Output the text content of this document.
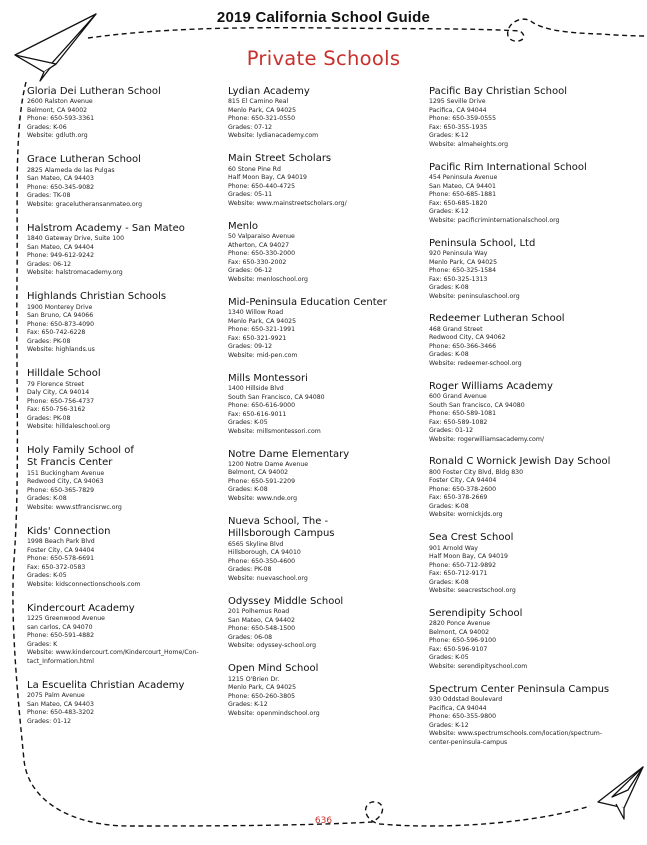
2019 California School Guide
Private Schools
Gloria Dei Lutheran School
2600 Ralston Avenue
Belmont, CA 94002
Phone: 650-593-3361
Grades: K-06
Website: gdluth.org
Grace Lutheran School
2825 Alameda de las Pulgas
San Mateo, CA 94403
Phone: 650-345-9082
Grades: TK-08
Website: gracelutheransanmateo.org
Halstrom Academy - San Mateo
1840 Gateway Drive, Suite 100
San Mateo, CA 94404
Phone: 949-612-9242
Grades: 06-12
Website: halstromacademy.org
Highlands Christian Schools
1900 Monterey Drive
San Bruno, CA 94066
Phone: 650-873-4090
Fax: 650-742-6228
Grades: PK-08
Website: highlands.us
Hilldale School
79 Florence Street
Daly City, CA 94014
Phone: 650-756-4737
Fax: 650-756-3162
Grades: PK-08
Website: hilldaleschool.org
Holy Family School of
St Francis Center
151 Buckingham Avenue
Redwood City, CA 94063
Phone: 650-365-7829
Grades: K-08
Website: www.stfrancisrwc.org
Kids' Connection
1998 Beach Park Blvd
Foster City, CA 94404
Phone: 650-578-6691
Fax: 650-372-0583
Grades: K-05
Website: kidsconnectionschools.com
Kindercourt Academy
1225 Greenwood Avenue
san carlos, CA 94070
Phone: 650-591-4882
Grades: K
Website: www.kindercourt.com/Kindercourt_Home/Con-
tact_Information.html
La Escuelita Christian Academy
2075 Palm Avenue
San Mateo, CA 94403
Phone: 650-483-3202
Grades: 01-12
Lydian Academy
815 El Camino Real
Menlo Park, CA 94025
Phone: 650-321-0550
Grades: 07-12
Website: lydianacademy.com
Main Street Scholars
60 Stone Pine Rd
Half Moon Bay, CA 94019
Phone: 650-440-4725
Grades: 05-11
Website: www.mainstreetscholars.org/
Menlo
50 Valparaiso Avenue
Atherton, CA 94027
Phone: 650-330-2000
Fax: 650-330-2002
Grades: 06-12
Website: menloschool.org
Mid-Peninsula Education Center
1340 Willow Road
Menlo Park, CA 94025
Phone: 650-321-1991
Fax: 650-321-9921
Grades: 09-12
Website: mid-pen.com
Mills Montessori
1400 Hillside Blvd
South San Francisco, CA 94080
Phone: 650-616-9000
Fax: 650-616-9011
Grades: K-05
Website: millsmontessori.com
Notre Dame Elementary
1200 Notre Dame Avenue
Belmont, CA 94002
Phone: 650-591-2209
Grades: K-08
Website: www.nde.org
Nueva School, The -
Hillsborough Campus
6565 Skyline Blvd
Hillsborough, CA 94010
Phone: 650-350-4600
Grades: PK-08
Website: nuevaschool.org
Odyssey Middle School
201 Polhemus Road
San Mateo, CA 94402
Phone: 650-548-1500
Grades: 06-08
Website: odyssey-school.org
Open Mind School
1215 O'Brien Dr.
Menlo Park, CA 94025
Phone: 650-260-3805
Grades: K-12
Website: openmindschool.org
Pacific Bay Christian School
1295 Seville Drive
Pacifica, CA 94044
Phone: 650-359-0555
Fax: 650-355-1935
Grades: K-12
Website: almaheights.org
Pacific Rim International School
454 Peninsula Avenue
San Mateo, CA 94401
Phone: 650-685-1881
Fax: 650-685-1820
Grades: K-12
Website: pacificriminternationalschool.org
Peninsula School, Ltd
920 Peninsula Way
Menlo Park, CA 94025
Phone: 650-325-1584
Fax: 650-325-1313
Grades: K-08
Website: peninsulaschool.org
Redeemer Lutheran School
468 Grand Street
Redwood City, CA 94062
Phone: 650-366-3466
Grades: K-08
Website: redeemer-school.org
Roger Williams Academy
600 Grand Avenue
South San francisco, CA 94080
Phone: 650-589-1081
Fax: 650-589-1082
Grades: 01-12
Website: rogerwilliamsacademy.com/
Ronald C Wornick Jewish Day School
800 Foster City Blvd, Bldg 830
Foster City, CA 94404
Phone: 650-378-2600
Fax: 650-378-2669
Grades: K-08
Website: wornickjds.org
Sea Crest School
901 Arnold Way
Half Moon Bay, CA 94019
Phone: 650-712-9892
Fax: 650-712-9171
Grades: K-08
Website: seacrestschool.org
Serendipity School
2820 Ponce Avenue
Belmont, CA 94002
Phone: 650-596-9100
Fax: 650-596-9107
Grades: K-05
Website: serendipityschool.com
Spectrum Center Peninsula Campus
930 Oddstad Boulevard
Pacifica, CA 94044
Phone: 650-355-9800
Grades: K-12
Website: www.spectrumschools.com/location/spectrum-
center-peninsula-campus
636
